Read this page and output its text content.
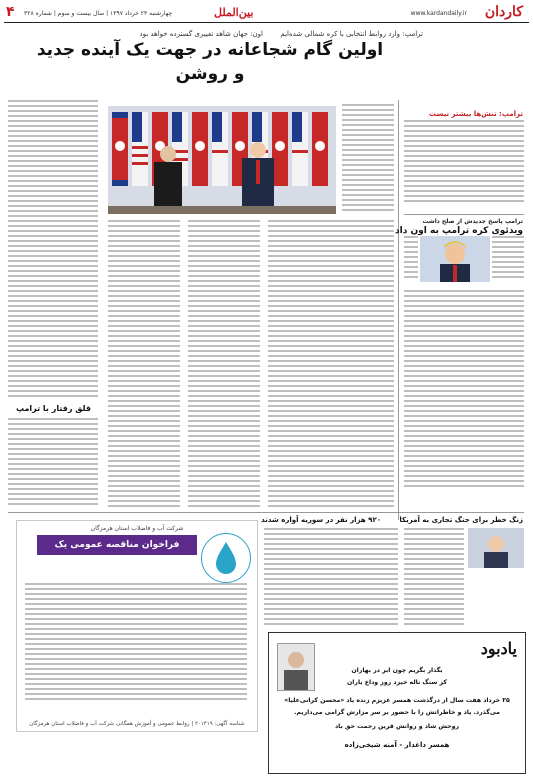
کاردان
www.kardandaily.ir
بین‌الملل
چهارشنبه ۲۳ خرداد ۱۳۹۷ | سال بیست و سوم | شماره ۳۲۸
۴
ترامپ: وارد روابط انتخابی با کره شمالی شده‌ایم
اون: جهان شاهد تغییری گسترده خواهد بود
اولین گام شجاعانه در جهت یک آینده جدید و روشن
ترامپ: تنش‌ها بیشتر نیست
ترامپ پاسخ جدیدش از صلح داشت
ویدئوی کره ترامپ به اون داد
قلق رفتار با ترامپ
زنگ خطر برای جنگ تجاری به آمریکا
۹۲۰ هزار نفر در سوریه آواره شدند
شرکت آب و فاضلاب استان هرمزگان
فراخوان مناقصه عمومی یک مرحله‌ای (نوبت دوم)
شناسه آگهی: ۲۰۱۴۱۹ | روابط عمومی و آموزش همگانی شرکت آب و فاضلاب استان هرمزگان
یادبود
بگذار بگریم چون ابر در بهاران
کز سنگ ناله خیزد روز وداع یاران
۲۵ خرداد هفت سال از درگذشت همسر عزیزم زنده یاد «محسن کرانی‌علیا»
می‌گذرد. یاد و خاطراتش را با حضور بر سر مزارش گرامی می‌داریم.
روحش شاد و روانش قرین رحمت حق باد
همسر داغدار - آمنه شیخی‌زاده
